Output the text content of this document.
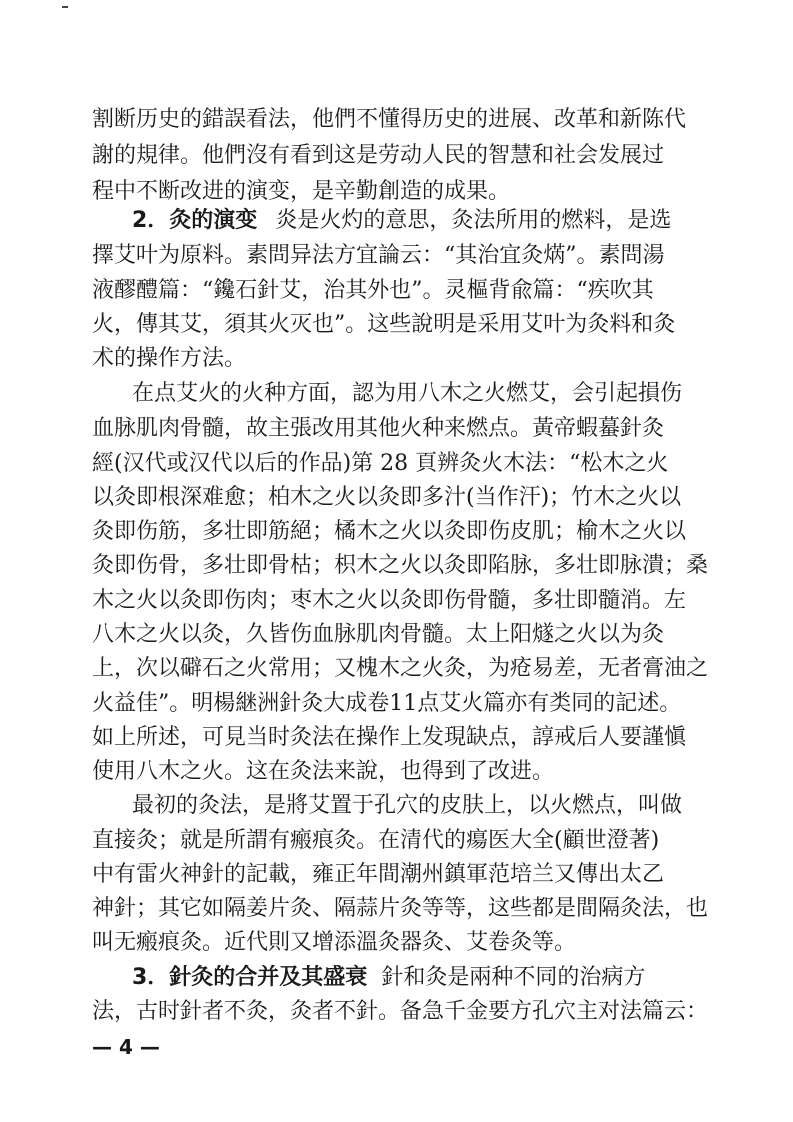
割断历史的錯誤看法，他們不懂得历史的进展、改革和新陈代
謝的規律。他們沒有看到这是劳动人民的智慧和社会发展过
程中不断改进的演变，是辛勤創造的成果。
2．灸的演变 炎是火灼的意思，灸法所用的燃料，是选
擇艾叶为原料。素問异法方宜論云：“其治宜灸焫”。素問湯
液醪醴篇：“鑱石針艾，治其外也”。灵樞背兪篇：“疾吹其
火，傳其艾，須其火灭也”。这些說明是采用艾叶为灸料和灸
术的操作方法。
在点艾火的火种方面，認为用八木之火燃艾，会引起損伤
血脉肌肉骨髓，故主張改用其他火种来燃点。黃帝蝦蟇針灸
經(汉代或汉代以后的作品)第 28 頁辨灸火木法：“松木之火
以灸即根深难愈；柏木之火以灸即多汁(当作汗)；竹木之火以
灸即伤筋，多壮即筋絕；橘木之火以灸即伤皮肌；榆木之火以
灸即伤骨，多壮即骨枯；枳木之火以灸即陷脉，多壮即脉潰；桑
木之火以灸即伤肉；枣木之火以灸即伤骨髓，多壮即髓消。左
八木之火以灸，久皆伤血脉肌肉骨髓。太上阳燧之火以为灸
上，次以礔石之火常用；又槐木之火灸，为疮易差，无者膏油之
火益佳”。明楊継洲針灸大成卷11点艾火篇亦有类同的記述。
如上所述，可見当时灸法在操作上发現缺点，諄戒后人要謹愼
使用八木之火。这在灸法来說，也得到了改进。
最初的灸法，是將艾置于孔穴的皮肤上，以火燃点，叫做
直接灸；就是所謂有瘢痕灸。在清代的瘍医大全(顧世澄著)
中有雷火神針的記載，雍正年間潮州鎮軍范培兰又傳出太乙
神針；其它如隔姜片灸、隔蒜片灸等等，这些都是間隔灸法，也
叫无瘢痕灸。近代則又增添溫灸器灸、艾卷灸等。
3．針灸的合并及其盛衰 針和灸是兩种不同的治病方
法，古时針者不灸，灸者不針。备急千金要方孔穴主对法篇云：
— 4 —
